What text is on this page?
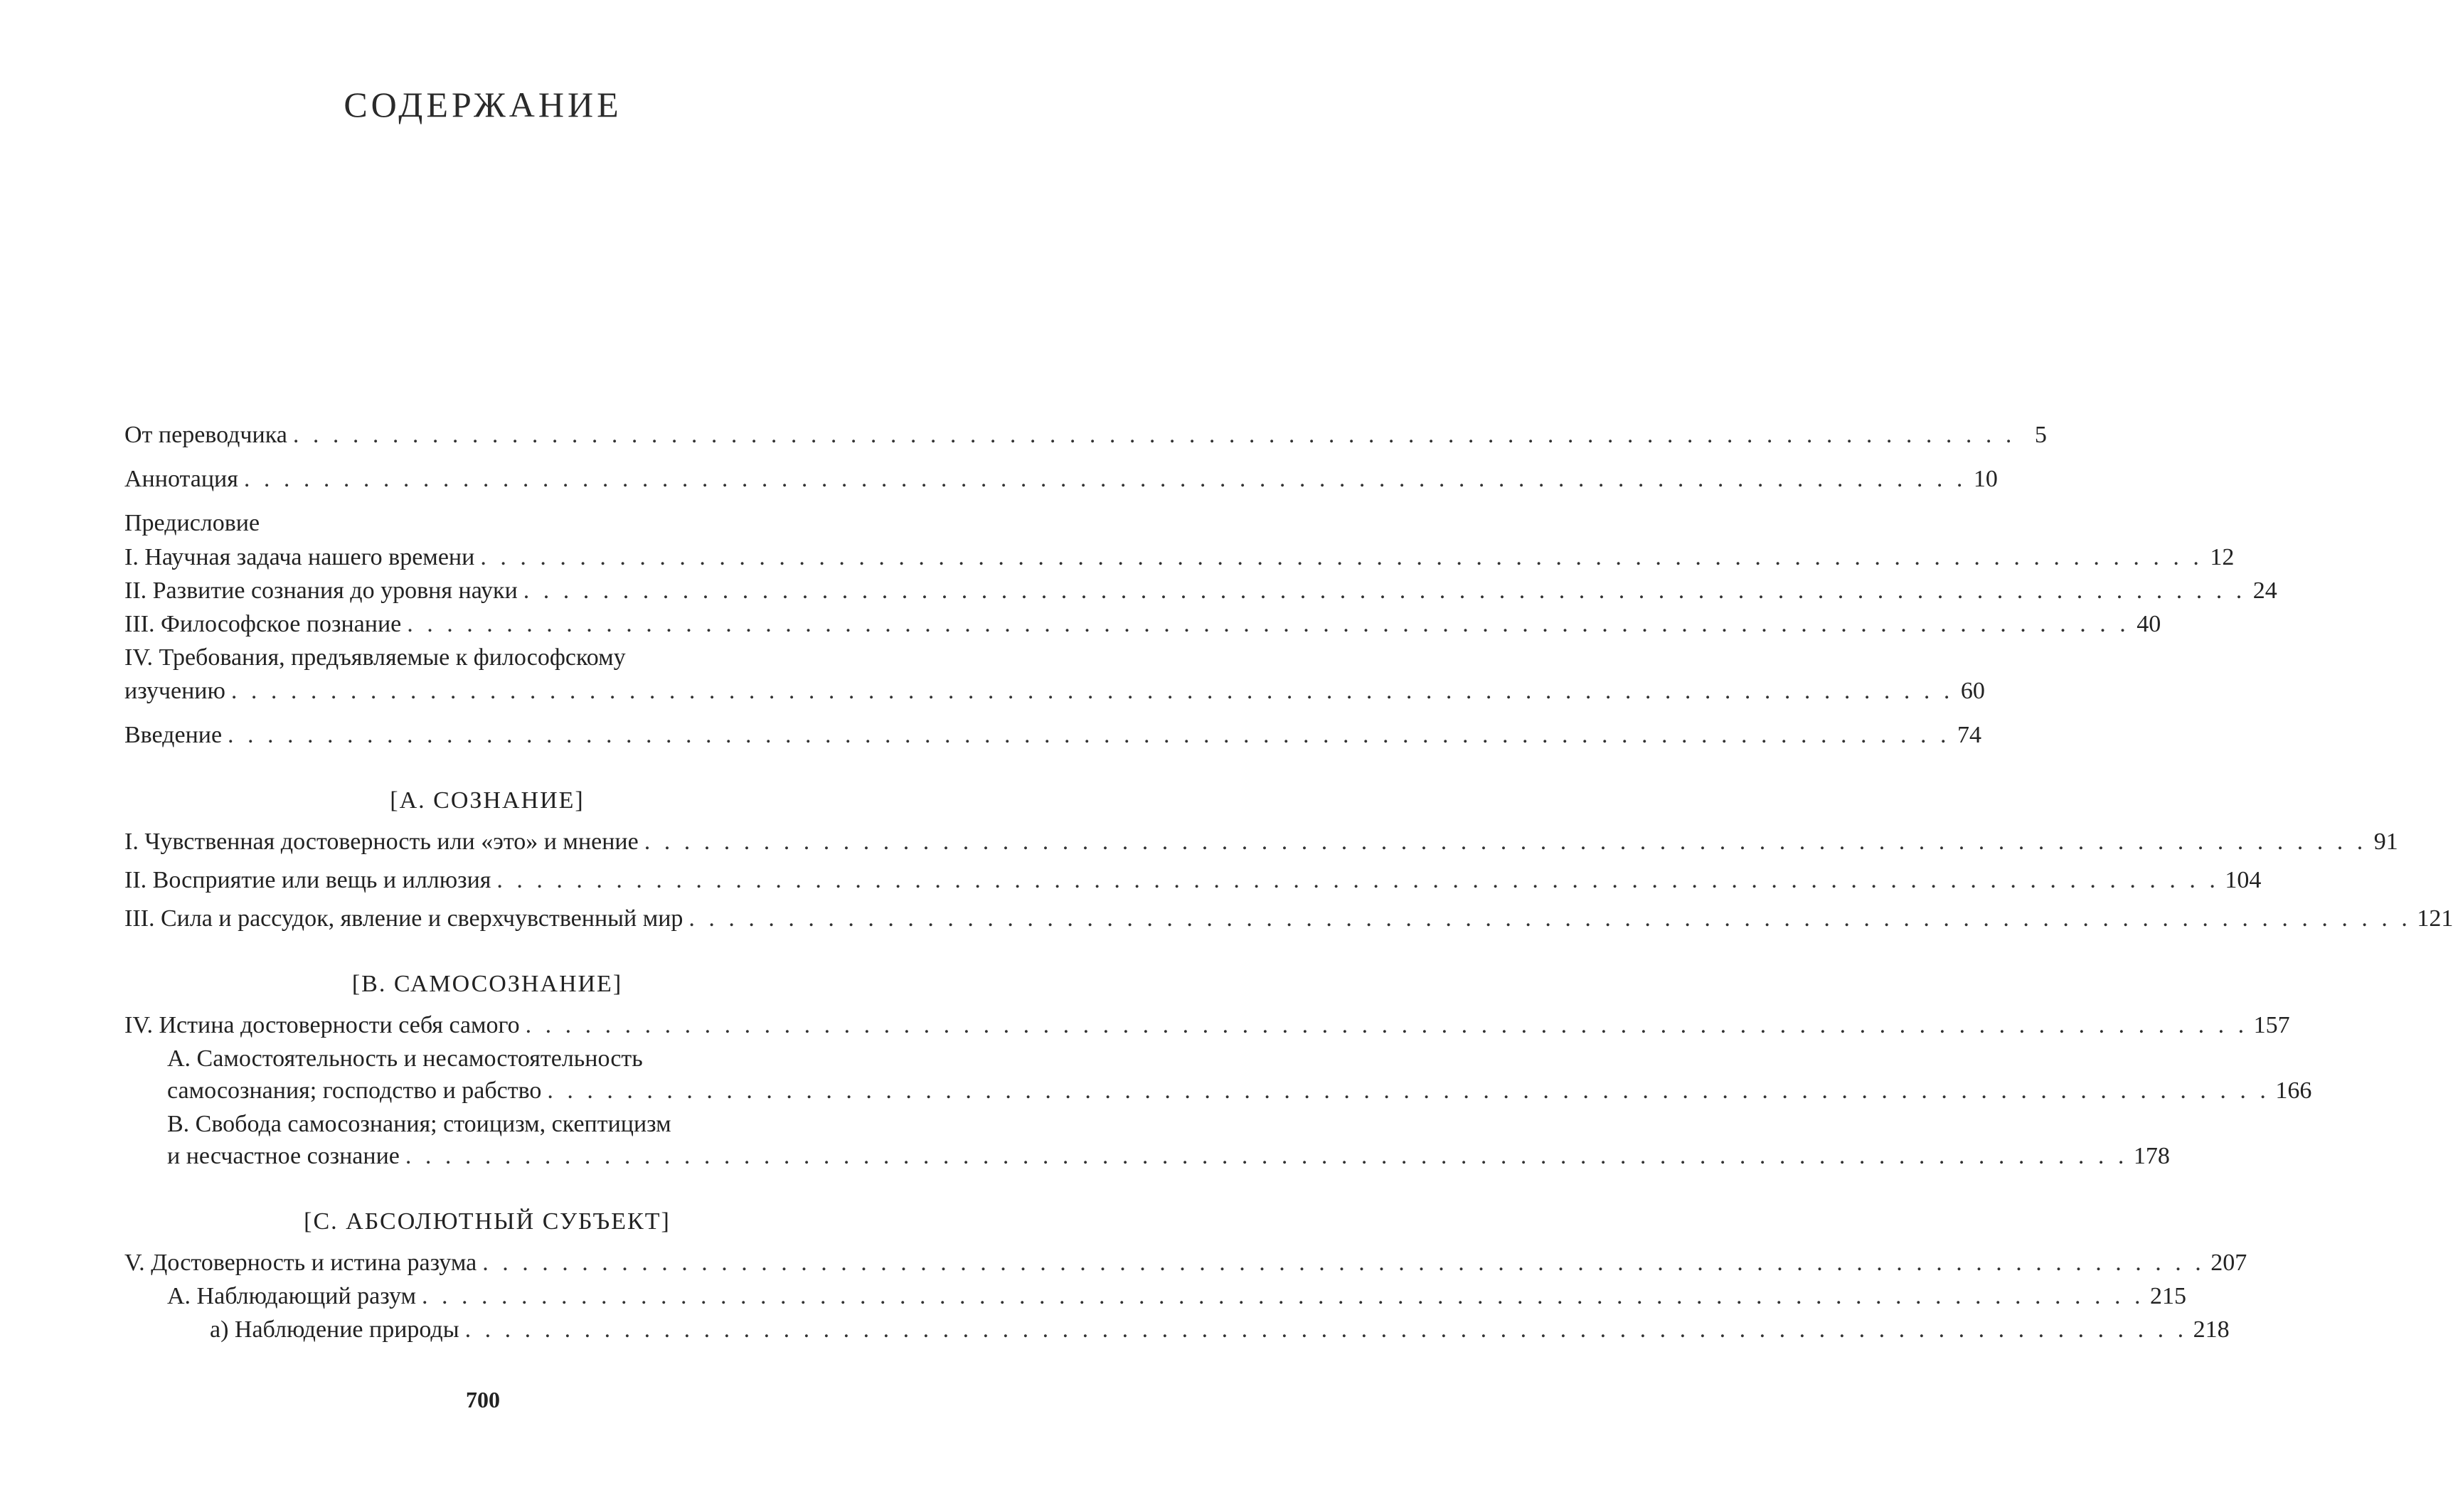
СОДЕРЖАНИЕ
От переводчика . . .	5
Аннотация . . .	10
Предисловие
I. Научная задача нашего времени . . .	12
II. Развитие сознания до уровня науки . . .	24
III. Философское познание . . .	40
IV. Требования, предъявляемые к философскому
изучению . . .	60
Введение . . .	74
[А. СОЗНАНИЕ]
I. Чувственная достоверность или «это» и мнение . . .	91
II. Восприятие или вещь и иллюзия . . .	104
III. Сила и рассудок, явление и сверхчувственный мир . . .	121
[В. САМОСОЗНАНИЕ]
IV. Истина достоверности себя самого . . .	157
А. Самостоятельность и несамостоятельность
самосознания; господство и рабство . . .	166
В. Свобода самосознания; стоицизм, скептицизм
и несчастное сознание . . .	178
[С. АБСОЛЮТНЫЙ СУБЪЕКТ]
V. Достоверность и истина разума . . .	207
А. Наблюдающий разум . . .	215
а) Наблюдение природы . . .	218
700
